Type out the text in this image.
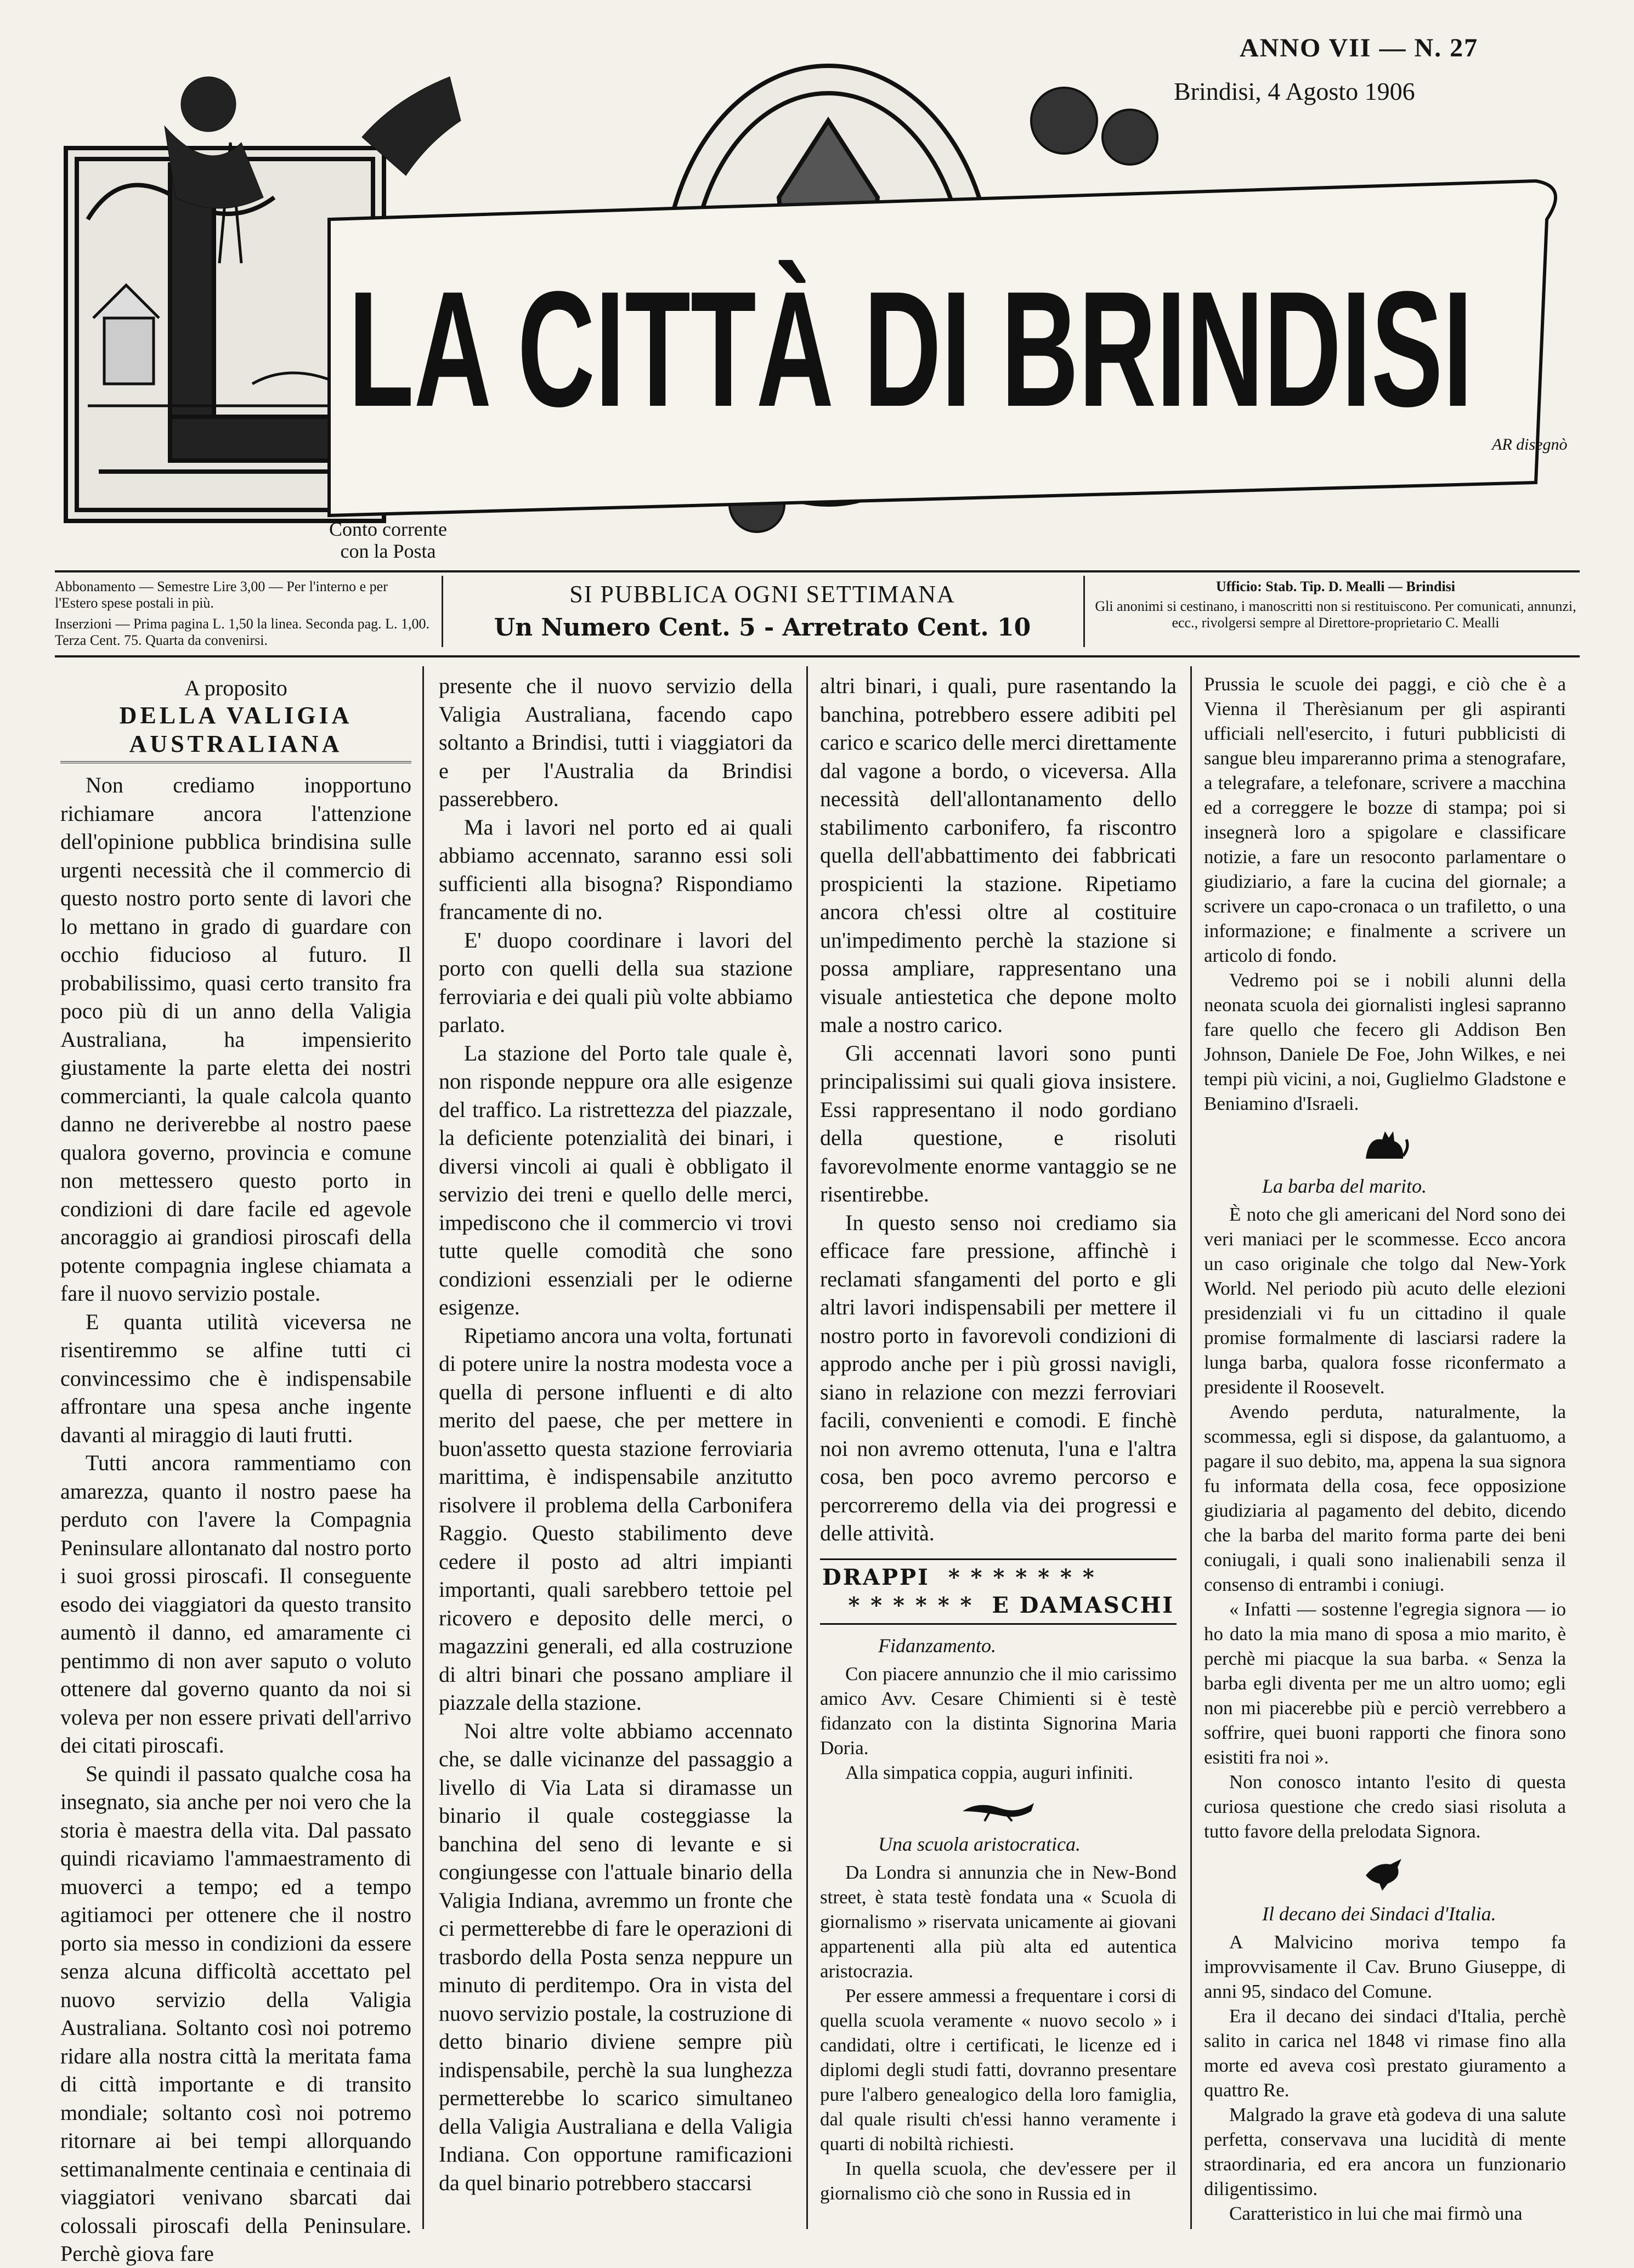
ANNO VII — N. 27
Brindisi, 4 Agosto 1906
LA CITTÀ DI BRINDISI
AR disegnò
Conto corrente
con la Posta
Abbonamento — Semestre Lire 3,00 — Per l'interno e per l'Estero spese postali in più.
Inserzioni — Prima pagina L. 1,50 la linea. Seconda pag. L. 1,00. Terza Cent. 75. Quarta da convenirsi.
SI PUBBLICA OGNI SETTIMANA
Un Numero Cent. 5 - Arretrato Cent. 10
Ufficio: Stab. Tip. D. Mealli — Brindisi
Gli anonimi si cestinano, i manoscritti non si restituiscono. Per comunicati, annunzi, ecc., rivolgersi sempre al Direttore-proprietario C. Mealli
A proposito
DELLA VALIGIA AUSTRALIANA

Non crediamo inopportuno richiamare ancora l'attenzione dell'opinione pubblica brindisina sulle urgenti necessità che il commercio di questo nostro porto sente di lavori che lo mettano in grado di guardare con occhio fiducioso al futuro. Il probabilissimo, quasi certo transito fra poco più di un anno della Valigia Australiana, ha impensierito giustamente la parte eletta dei nostri commercianti, la quale calcola quanto danno ne deriverebbe al nostro paese qualora governo, provincia e comune non mettessero questo porto in condizioni di dare facile ed agevole ancoraggio ai grandiosi piroscafi della potente compagnia inglese chiamata a fare il nuovo servizio postale.

E quanta utilità viceversa ne risentiremmo se alfine tutti ci convincessimo che è indispensabile affrontare una spesa anche ingente davanti al miraggio di lauti frutti.

Tutti ancora rammentiamo con amarezza, quanto il nostro paese ha perduto con l'avere la Compagnia Peninsulare allontanato dal nostro porto i suoi grossi piroscafi. Il conseguente esodo dei viaggiatori da questo transito aumentò il danno, ed amaramente ci pentimmo di non aver saputo o voluto ottenere dal governo quanto da noi si voleva per non essere privati dell'arrivo dei citati piroscafi.

Se quindi il passato qualche cosa ha insegnato, sia anche per noi vero che la storia è maestra della vita. Dal passato quindi ricaviamo l'ammaestramento di muoverci a tempo; ed a tempo agitiamoci per ottenere che il nostro porto sia messo in condizioni da essere senza alcuna difficoltà accettato pel nuovo servizio della Valigia Australiana. Soltanto così noi potremo ridare alla nostra città la meritata fama di città importante e di transito mondiale; soltanto così noi potremo ritornare ai bei tempi allorquando settimanalmente centinaia e centinaia di viaggiatori venivano sbarcati dai colossali piroscafi della Peninsulare. Perchè giova fare

presente che il nuovo servizio della Valigia Australiana, facendo capo soltanto a Brindisi, tutti i viaggiatori da e per l'Australia da Brindisi passerebbero.

Ma i lavori nel porto ed ai quali abbiamo accennato, saranno essi soli sufficienti alla bisogna? Rispondiamo francamente di no.

E' duopo coordinare i lavori del porto con quelli della sua stazione ferroviaria e dei quali più volte abbiamo parlato.

La stazione del Porto tale quale è, non risponde neppure ora alle esigenze del traffico. La ristrettezza del piazzale, la deficiente potenzialità dei binari, i diversi vincoli ai quali è obbligato il servizio dei treni e quello delle merci, impediscono che il commercio vi trovi tutte quelle comodità che sono condizioni essenziali per le odierne esigenze.

Ripetiamo ancora una volta, fortunati di potere unire la nostra modesta voce a quella di persone influenti e di alto merito del paese, che per mettere in buon'assetto questa stazione ferroviaria marittima, è indispensabile anzitutto risolvere il problema della Carbonifera Raggio. Questo stabilimento deve cedere il posto ad altri impianti importanti, quali sarebbero tettoie pel ricovero e deposito delle merci, o magazzini generali, ed alla costruzione di altri binari che possano ampliare il piazzale della stazione.

Noi altre volte abbiamo accennato che, se dalle vicinanze del passaggio a livello di Via Lata si diramasse un binario il quale costeggiasse la banchina del seno di levante e si congiungesse con l'attuale binario della Valigia Indiana, avremmo un fronte che ci permetterebbe di fare le operazioni di trasbordo della Posta senza neppure un minuto di perditempo. Ora in vista del nuovo servizio postale, la costruzione di detto binario diviene sempre più indispensabile, perchè la sua lunghezza permetterebbe lo scarico simultaneo della Valigia Australiana e della Valigia Indiana. Con opportune ramificazioni da quel binario potrebbero staccarsi

altri binari, i quali, pure rasentando la banchina, potrebbero essere adibiti pel carico e scarico delle merci direttamente dal vagone a bordo, o viceversa. Alla necessità dell'allontanamento dello stabilimento carbonifero, fa riscontro quella dell'abbattimento dei fabbricati prospicienti la stazione. Ripetiamo ancora ch'essi oltre al costituire un'impedimento perchè la stazione si possa ampliare, rappresentano una visuale antiestetica che depone molto male a nostro carico.

Gli accennati lavori sono punti principalissimi sui quali giova insistere. Essi rappresentano il nodo gordiano della questione, e risoluti favorevolmente enorme vantaggio se ne risentirebbe.

In questo senso noi crediamo sia efficace fare pressione, affinchè i reclamati sfangamenti del porto e gli altri lavori indispensabili per mettere il nostro porto in favorevoli condizioni di approdo anche per i più grossi navigli, siano in relazione con mezzi ferroviari facili, convenienti e comodi. E finchè noi non avremo ottenuta, l'una e l'altra cosa, ben poco avremo percorso e percorreremo della via dei progressi e delle attività.

DRAPPI  * * * * * * *
* * * * * *  E DAMASCHI

Fidanzamento.

Con piacere annunzio che il mio carissimo amico Avv. Cesare Chimienti si è testè fidanzato con la distinta Signorina Maria Doria.

Alla simpatica coppia, auguri infiniti.

Una scuola aristocratica.

Da Londra si annunzia che in New-Bond street, è stata testè fondata una « Scuola di giornalismo » riservata unicamente ai giovani appartenenti alla più alta ed autentica aristocrazia.

Per essere ammessi a frequentare i corsi di quella scuola veramente « nuovo secolo » i candidati, oltre i certificati, le licenze ed i diplomi degli studi fatti, dovranno presentare pure l'albero genealogico della loro famiglia, dal quale risulti ch'essi hanno veramente i quarti di nobiltà richiesti.

In quella scuola, che dev'essere per il giornalismo ciò che sono in Russia ed in

Prussia le scuole dei paggi, e ciò che è a Vienna il Therèsianum per gli aspiranti ufficiali nell'esercito, i futuri pubblicisti di sangue bleu impareranno prima a stenografare, a telegrafare, a telefonare, scrivere a macchina ed a correggere le bozze di stampa; poi si insegnerà loro a spigolare e classificare notizie, a fare un resoconto parlamentare o giudiziario, a fare la cucina del giornale; a scrivere un capo-cronaca o un trafiletto, o una informazione; e finalmente a scrivere un articolo di fondo.

Vedremo poi se i nobili alunni della neonata scuola dei giornalisti inglesi sapranno fare quello che fecero gli Addison Ben Johnson, Daniele De Foe, John Wilkes, e nei tempi più vicini, a noi, Guglielmo Gladstone e Beniamino d'Israeli.

La barba del marito.

È noto che gli americani del Nord sono dei veri maniaci per le scommesse. Ecco ancora un caso originale che tolgo dal New-York World. Nel periodo più acuto delle elezioni presidenziali vi fu un cittadino il quale promise formalmente di lasciarsi radere la lunga barba, qualora fosse riconfermato a presidente il Roosevelt.

Avendo perduta, naturalmente, la scommessa, egli si dispose, da galantuomo, a pagare il suo debito, ma, appena la sua signora fu informata della cosa, fece opposizione giudiziaria al pagamento del debito, dicendo che la barba del marito forma parte dei beni coniugali, i quali sono inalienabili senza il consenso di entrambi i coniugi.

« Infatti — sostenne l'egregia signora — io ho dato la mia mano di sposa a mio marito, è perchè mi piacque la sua barba. « Senza la barba egli diventa per me un altro uomo; egli non mi piacerebbe più e perciò verrebbero a soffrire, quei buoni rapporti che finora sono esistiti fra noi ».

Non conosco intanto l'esito di questa curiosa questione che credo siasi risoluta a tutto favore della prelodata Signora.

Il decano dei Sindaci d'Italia.

A Malvicino moriva tempo fa improvvisamente il Cav. Bruno Giuseppe, di anni 95, sindaco del Comune.

Era il decano dei sindaci d'Italia, perchè salito in carica nel 1848 vi rimase fino alla morte ed aveva così prestato giuramento a quattro Re.

Malgrado la grave età godeva di una salute perfetta, conservava una lucidità di mente straordinaria, ed era ancora un funzionario diligentissimo.

Caratteristico in lui che mai firmò una
